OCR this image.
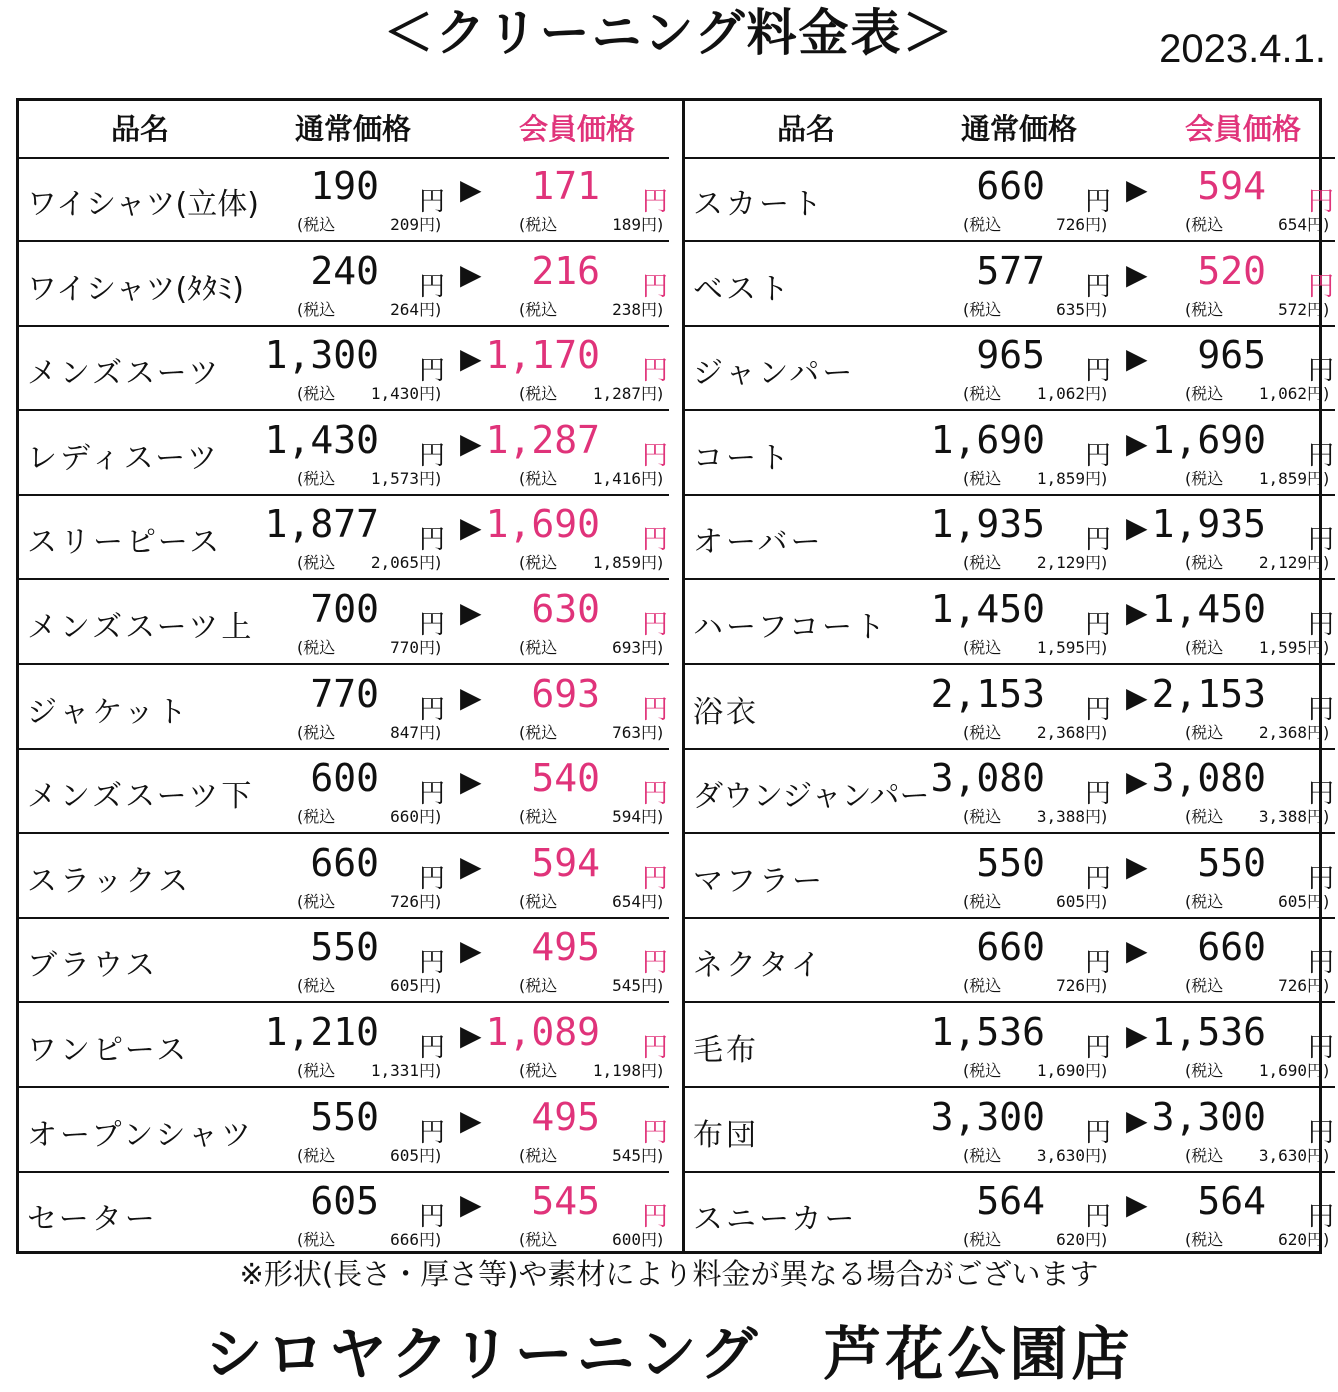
＜クリーニング料金表＞	2023.4.1.
品名	通常価格	会員価格
ワイシャツ(立体)	190 円 ▶	171 円
(税込	209円)	(税込	189円)
ワイシャツ(ﾀﾀﾐ)	240 円 ▶	216 円
(税込	264円)	(税込	238円)
メンズスーツ	1,300 円 ▶ 1,170 円
(税込 1,430円)	(税込 1,287円)
レディスーツ	1,430 円 ▶ 1,287 円
(税込 1,573円)	(税込 1,416円)
スリーピース	1,877 円 ▶ 1,690 円
(税込 2,065円)	(税込 1,859円)
メンズスーツ上	700 円 ▶	630 円
(税込	770円)	(税込	693円)
ジャケット	770 円 ▶	693 円
(税込	847円)	(税込	763円)
メンズスーツ下	600 円 ▶	540 円
(税込	660円)	(税込	594円)
スラックス	660 円 ▶	594 円
(税込	726円)	(税込	654円)
ブラウス	550 円 ▶	495 円
(税込	605円)	(税込	545円)
ワンピース	1,210 円 ▶ 1,089 円
(税込 1,331円)	(税込 1,198円)
オープンシャツ	550 円 ▶	495 円
(税込	605円)	(税込	545円)
セーター	605 円 ▶	545 円
(税込	666円)	(税込	600円)
品名	通常価格	会員価格
スカート	660 円 ▶	594 円
(税込	726円)	(税込	654円)
ベスト	577 円 ▶	520 円
(税込	635円)	(税込	572円)
ジャンパー	965 円 ▶	965 円
(税込 1,062円)	(税込 1,062円)
コート	1,690 円 ▶ 1,690 円
(税込 1,859円)	(税込 1,859円)
オーバー	1,935 円 ▶ 1,935 円
(税込 2,129円)	(税込 2,129円)
ハーフコート	1,450 円 ▶ 1,450 円
(税込 1,595円)	(税込 1,595円)
浴衣	2,153 円 ▶ 2,153 円
(税込 2,368円)	(税込 2,368円)
ダウンジャンパー 3,080 円 ▶ 3,080 円
(税込 3,388円)	(税込 3,388円)
マフラー	550 円 ▶	550 円
(税込	605円)	(税込	605円)
ネクタイ	660 円 ▶	660 円
(税込	726円)	(税込	726円)
毛布	1,536 円 ▶ 1,536 円
(税込 1,690円)	(税込 1,690円)
布団	3,300 円 ▶ 3,300 円
(税込 3,630円)	(税込 3,630円)
スニーカー	564 円 ▶	564 円
(税込	620円)	(税込	620円)
※形状(長さ・厚さ等)や素材により料金が異なる場合がございます
シロヤクリーニング　芦花公園店
